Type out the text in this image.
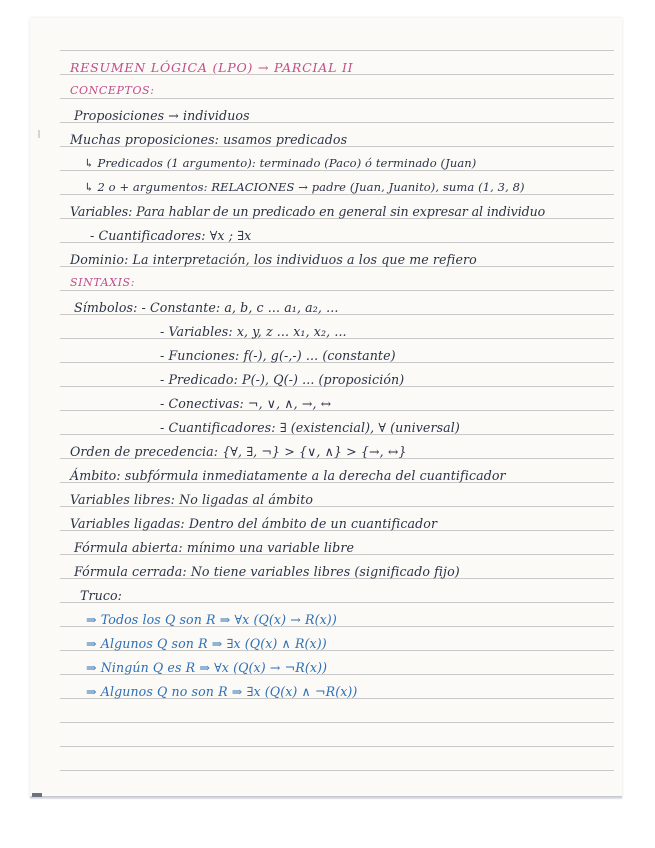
RESUMEN LÓGICA (LPO) → PARCIAL II
CONCEPTOS:
Proposiciones → individuos
Muchas proposiciones: usamos predicados
↳ Predicados (1 argumento): terminado (Paco) ó terminado (Juan)
↳ 2 o + argumentos: RELACIONES → padre (Juan, Juanito), suma (1, 3, 8)
Variables: Para hablar de un predicado en general sin expresar al individuo
- Cuantificadores: ∀x ; ∃x
Dominio: La interpretación, los individuos a los que me refiero
SINTAXIS:
Símbolos: - Constante: a, b, c ... a₁, a₂, ...
- Variables: x, y, z ... x₁, x₂, ...
- Funciones: f(-), g(-,-) ... (constante)
- Predicado: P(-), Q(-) ... (proposición)
- Conectivas: ¬, ∨, ∧, →, ↔
- Cuantificadores: ∃ (existencial), ∀ (universal)
Orden de precedencia: {∀, ∃, ¬} > {∨, ∧} > {→, ↔}
Ámbito: subfórmula inmediatamente a la derecha del cuantificador
Variables libres: No ligadas al ámbito
Variables ligadas: Dentro del ámbito de un cuantificador
Fórmula abierta: mínimo una variable libre
Fórmula cerrada: No tiene variables libres (significado fijo)
Truco:
⇒ Todos los Q son R ⇒ ∀x (Q(x) → R(x))
⇒ Algunos Q son R ⇒ ∃x (Q(x) ∧ R(x))
⇒ Ningún Q es R ⇒ ∀x (Q(x) → ¬R(x))
⇒ Algunos Q no son R ⇒ ∃x (Q(x) ∧ ¬R(x))
